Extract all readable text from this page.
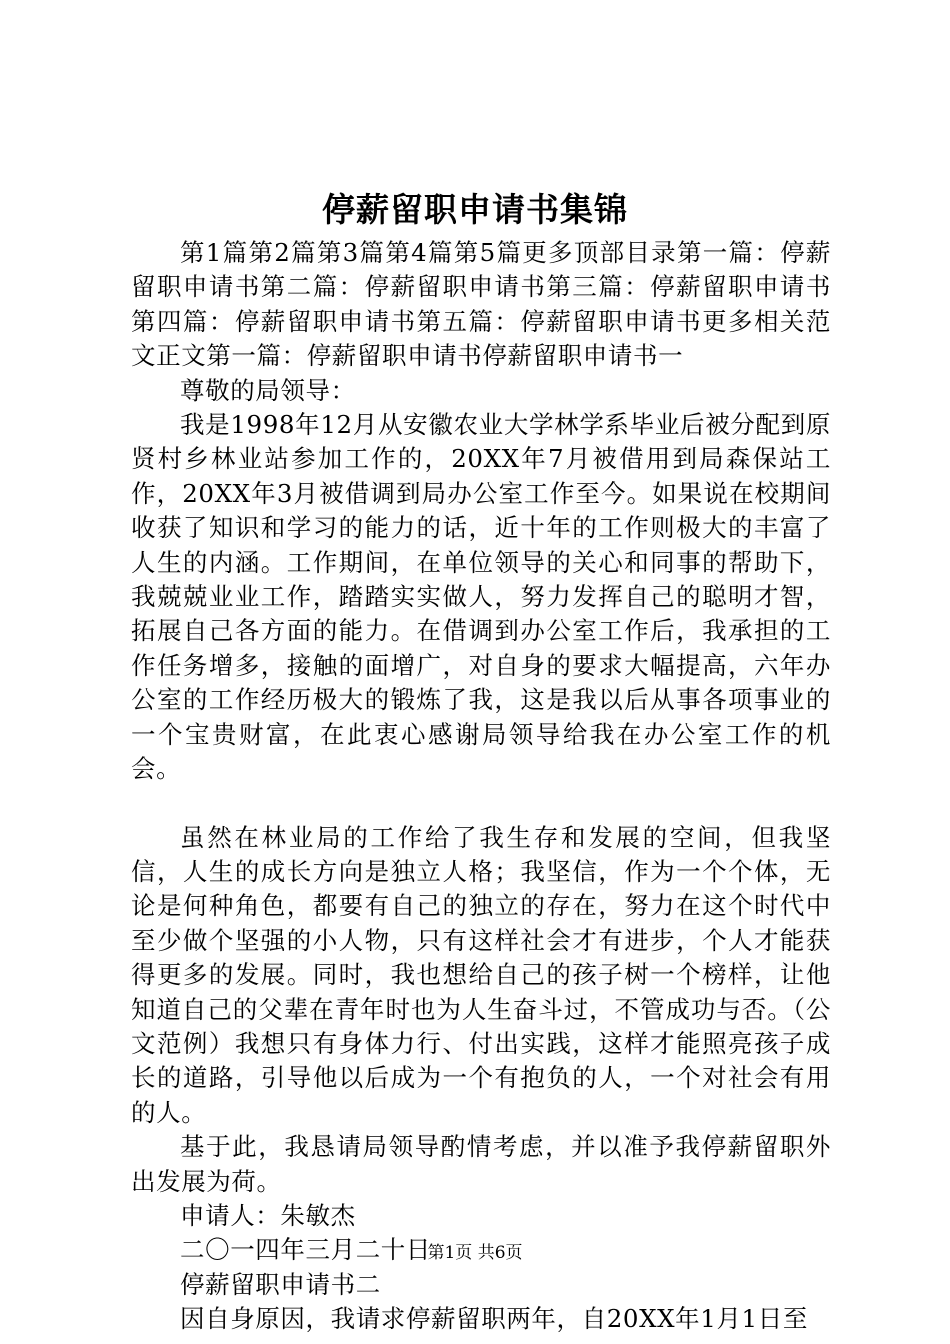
停薪留职申请书集锦

第1篇第2篇第3篇第4篇第5篇更多顶部目录第一篇：停薪留职申请书第二篇：停薪留职申请书第三篇：停薪留职申请书第四篇：停薪留职申请书第五篇：停薪留职申请书更多相关范文正文第一篇：停薪留职申请书停薪留职申请书一

尊敬的局领导：

我是1998年12月从安徽农业大学林学系毕业后被分配到原贤村乡林业站参加工作的，20XX年7月被借用到局森保站工作，20XX年3月被借调到局办公室工作至今。如果说在校期间收获了知识和学习的能力的话，近十年的工作则极大的丰富了人生的内涵。工作期间，在单位领导的关心和同事的帮助下，我兢兢业业工作，踏踏实实做人，努力发挥自己的聪明才智，拓展自己各方面的能力。在借调到办公室工作后，我承担的工作任务增多，接触的面增广，对自身的要求大幅提高，六年办公室的工作经历极大的锻炼了我，这是我以后从事各项事业的一个宝贵财富，在此衷心感谢局领导给我在办公室工作的机会。

虽然在林业局的工作给了我生存和发展的空间，但我坚信，人生的成长方向是独立人格；我坚信，作为一个个体，无论是何种角色，都要有自己的独立的存在，努力在这个时代中至少做个坚强的小人物，只有这样社会才有进步，个人才能获得更多的发展。同时，我也想给自己的孩子树一个榜样，让他知道自己的父辈在青年时也为人生奋斗过，不管成功与否。（公文范例）我想只有身体力行、付出实践，这样才能照亮孩子成长的道路，引导他以后成为一个有抱负的人，一个对社会有用的人。

基于此，我恳请局领导酌情考虑，并以准予我停薪留职外出发展为荷。

申请人：朱敏杰

二〇一四年三月二十日

停薪留职申请书二

因自身原因，我请求停薪留职两年，自20XX年1月1日至

第1页 共6页
